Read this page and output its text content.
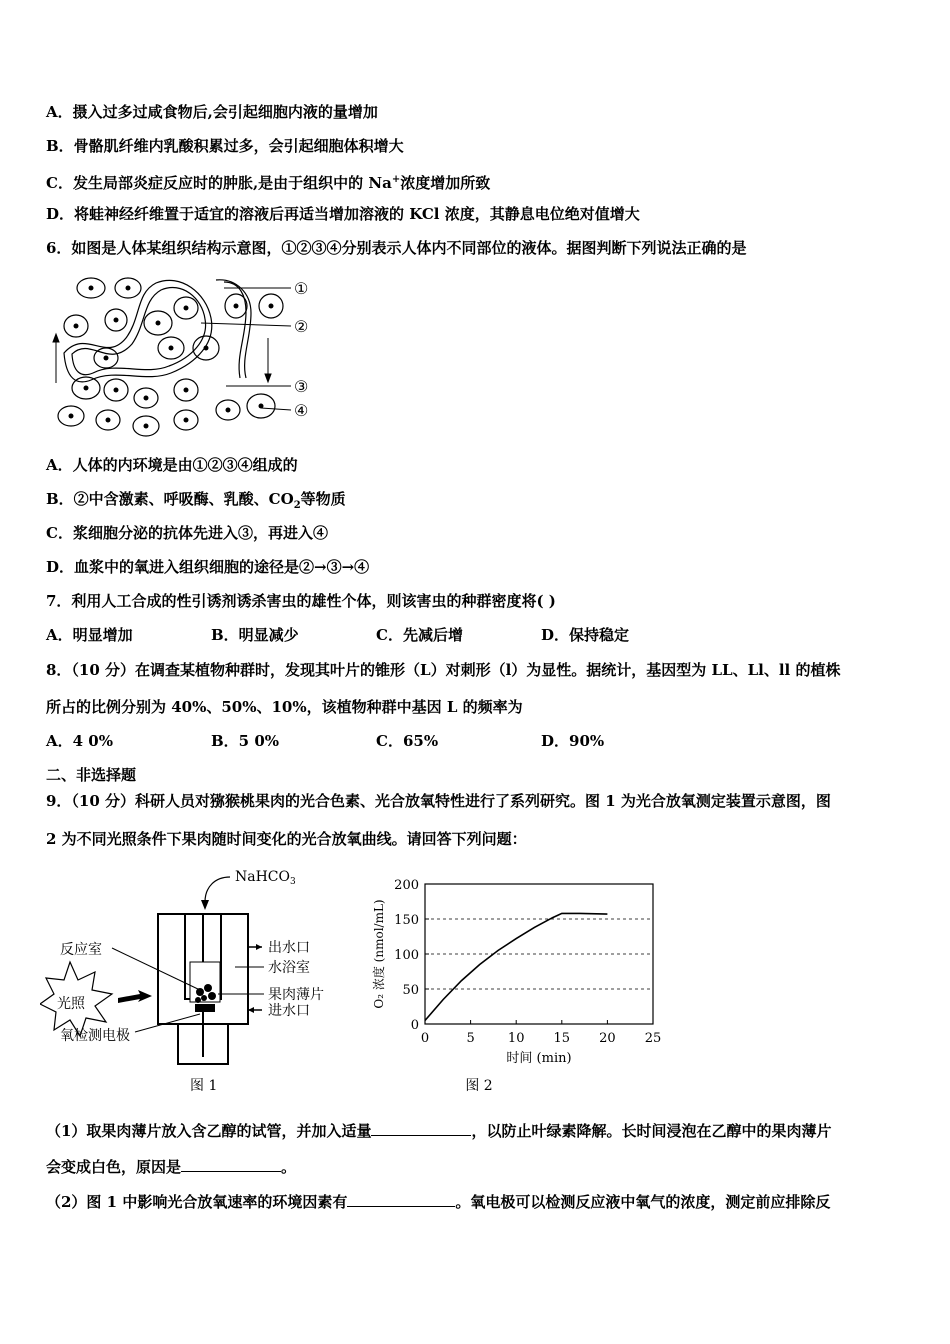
A．摄入过多过咸食物后,会引起细胞内液的量增加
B．骨骼肌纤维内乳酸积累过多，会引起细胞体积增大
C．发生局部炎症反应时的肿胀,是由于组织中的 Na+浓度增加所致
D．将蛙神经纤维置于适宜的溶液后再适当增加溶液的 KCl 浓度，其静息电位绝对值增大
6．如图是人体某组织结构示意图，①②③④分别表示人体内不同部位的液体。据图判断下列说法正确的是
①
②
③
④
A．人体的内环境是由①②③④组成的
B．②中含激素、呼吸酶、乳酸、$CO_2$等物质
C．浆细胞分泌的抗体先进入③，再进入④
D．血浆中的氧进入组织细胞的途径是②→③→④
7．利用人工合成的性引诱剂诱杀害虫的雄性个体，则该害虫的种群密度将( )
A．明显增加	B．明显减少	C．先减后增	D．保持稳定
8．（10 分）在调查某植物种群时，发现其叶片的锥形（L）对刺形（l）为显性。据统计，基因型为 LL、Ll、ll 的植株
所占的比例分别为 40%、50%、10%，该植物种群中基因 L 的频率为
A．4 0%	B．5 0%	C．65%	D．90%
二、非选择题
9．（10 分）科研人员对猕猴桃果肉的光合色素、光合放氧特性进行了系列研究。图 1 为光合放氧测定装置示意图，图
2 为不同光照条件下果肉随时间变化的光合放氧曲线。请回答下列问题：
NaHCO$_3$
光照
反应室	出水口
水浴室
果肉薄片
进水口
氧检测电极
图 1
0	5	10 15 20 25
0
50
100
150
200
时间 (min)
O₂ 浓度 (nmol/mL)
图 2
（1）取果肉薄片放入含乙醇的试管，并加入适量	，以防止叶绿素降解。长时间浸泡在乙醇中的果肉薄片
会变成白色，原因是	。
（2）图 1 中影响光合放氧速率的环境因素有	。氧电极可以检测反应液中氧气的浓度，测定前应排除反
